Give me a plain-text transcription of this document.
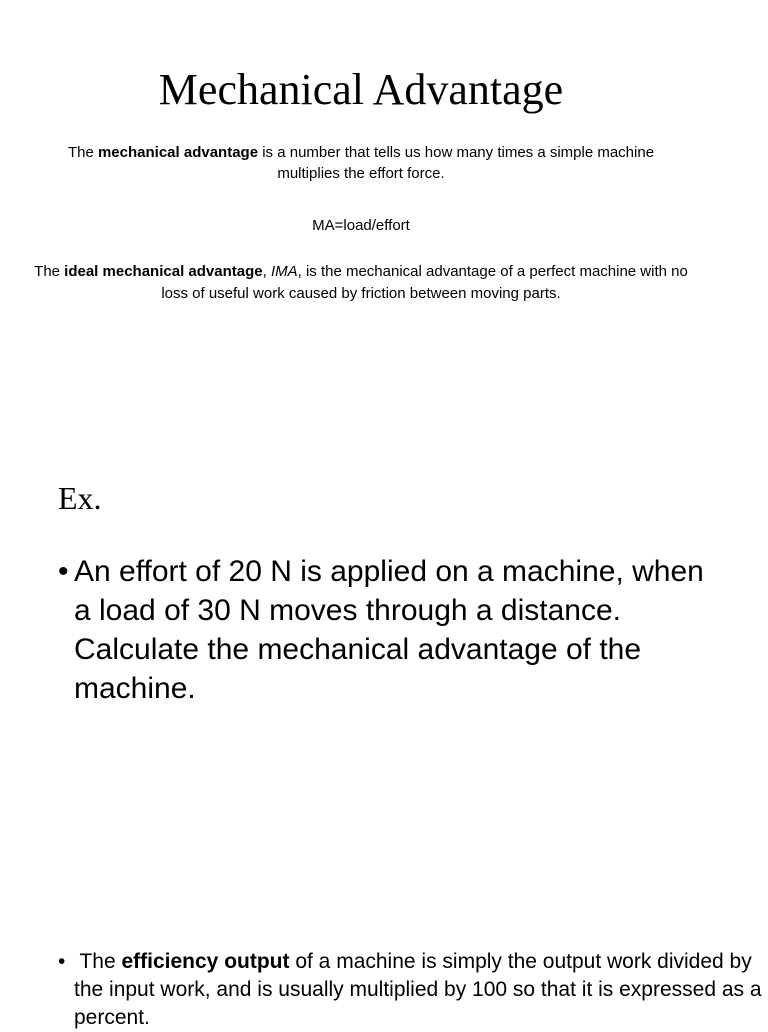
Mechanical Advantage

The mechanical advantage is a number that tells us how many times a simple machine multiplies the effort force.

MA=load/effort

The ideal mechanical advantage, IMA, is the mechanical advantage of a perfect machine with no loss of useful work caused by friction between moving parts.

Ex.

• An effort of 20 N is applied on a machine, when a load of 30 N moves through a distance. Calculate the mechanical advantage of the machine.

• The efficiency output of a machine is simply the output work divided by the input work, and is usually multiplied by 100 so that it is expressed as a percent.
